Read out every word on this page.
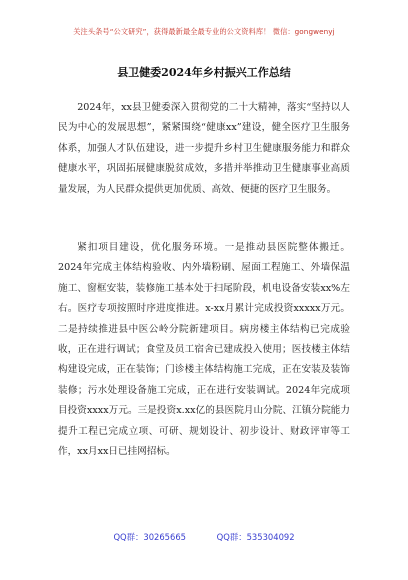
关注头条号“公文研究”，获得最新最全最专业的公文资料库！ 微信：gongwenyj
县卫健委2024年乡村振兴工作总结

2024年，xx县卫健委深入贯彻党的二十大精神，落实“坚持以人民为中心的发展思想”，紧紧围绕“健康xx”建设，健全医疗卫生服务体系，加强人才队伍建设，进一步提升乡村卫生健康服务能力和群众健康水平，巩固拓展健康脱贫成效，多措并举推动卫生健康事业高质量发展，为人民群众提供更加优质、高效、便捷的医疗卫生服务。

紧扣项目建设，优化服务环境。一是推动县医院整体搬迁。2024年完成主体结构验收、内外墙粉刷、屋面工程施工、外墙保温施工、窗框安装，装修施工基本处于扫尾阶段，机电设备安装xx%左右。医疗专项按照时序进度推进。x-xx月累计完成投资xxxxx万元。二是持续推进县中医公岭分院新建项目。病房楼主体结构已完成验收，正在进行调试；食堂及员工宿舍已建成投入使用；医技楼主体结构建设完成，正在装饰；门诊楼主体结构施工完成，正在安装及装饰装修；污水处理设备施工完成，正在进行安装调试。2024年完成项目投资xxxx万元。三是投资x.xx亿的县医院月山分院、江镇分院能力提升工程已完成立项、可研、规划设计、初步设计、财政评审等工作，xx月xx日已挂网招标。

QQ群：30265665	QQ群：535304092
